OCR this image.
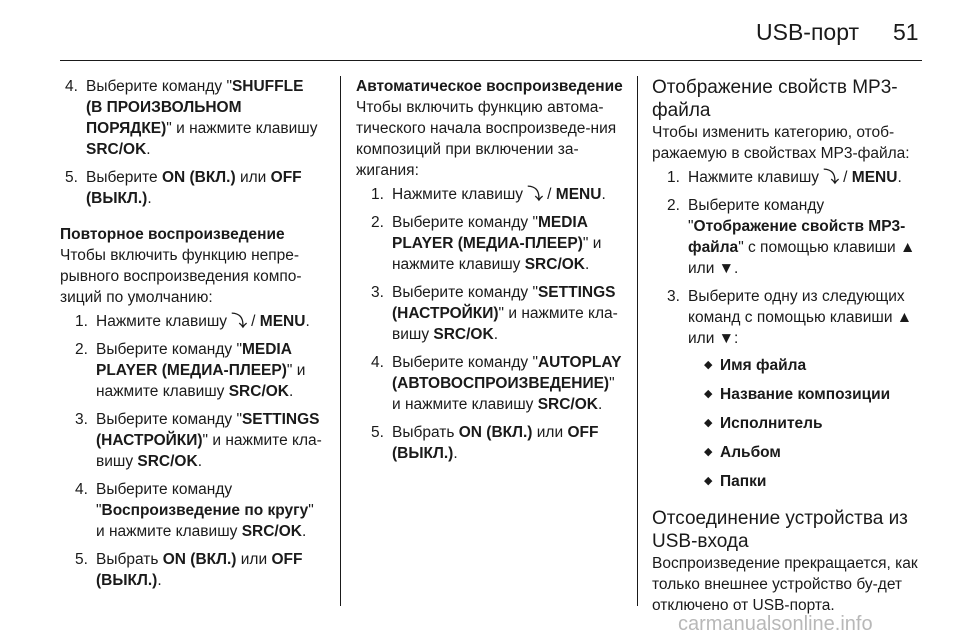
USB-порт 51
4. Выберите команду "SHUFFLE (В ПРОИЗВОЛЬНОМ ПОРЯДКЕ)" и нажмите клавишу SRC/OK.
5. Выберите ON (ВКЛ.) или OFF (ВЫКЛ.).
Повторное воспроизведение

Чтобы включить функцию непре-рывного воспроизведения компо-зиций по умолчанию:

1. Нажмите клавишу ⤵ / MENU.
2. Выберите команду "MEDIA PLAYER (МЕДИА-ПЛЕЕР)" и нажмите клавишу SRC/OK.
3. Выберите команду "SETTINGS (НАСТРОЙКИ)" и нажмите кла-вишу SRC/OK.
4. Выберите команду "Воспроизведение по кругу" и нажмите клавишу SRC/OK.
5. Выбрать ON (ВКЛ.) или OFF (ВЫКЛ.).
Автоматическое воспроизведение

Чтобы включить функцию автома-тического начала воспроизведе-ния композиций при включении за-жигания:

1. Нажмите клавишу ⤵ / MENU.
2. Выберите команду "MEDIA PLAYER (МЕДИА-ПЛЕЕР)" и нажмите клавишу SRC/OK.
3. Выберите команду "SETTINGS (НАСТРОЙКИ)" и нажмите кла-вишу SRC/OK.
4. Выберите команду "AUTOPLAY (АВТОВОСПРОИЗВЕДЕНИЕ)" и нажмите клавишу SRC/OK.
5. Выбрать ON (ВКЛ.) или OFF (ВЫКЛ.).
Отображение свойств MP3-файла

Чтобы изменить категорию, отоб-ражаемую в свойствах MP3-файла:

1. Нажмите клавишу ⤵ / MENU.
2. Выберите команду "Отображение свойств MP3-файла" с помощью клавиши ▲ или ▼.
3. Выберите одну из следующих команд с помощью клавиши ▲ или ▼:
◆ Имя файла
◆ Название композиции
◆ Исполнитель
◆ Альбом
◆ Папки
Отсоединение устройства из USB-входа

Воспроизведение прекращается, как только внешнее устройство бу-дет отключено от USB-порта.

carmanualsonline.info
